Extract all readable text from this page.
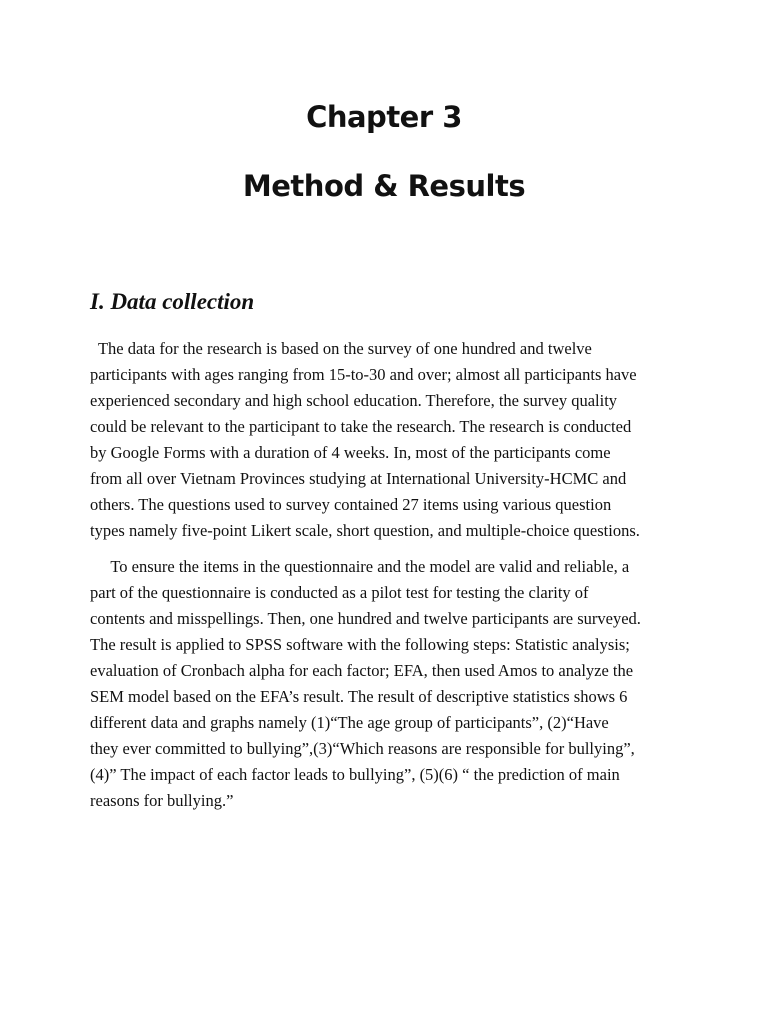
Chapter 3
Method & Results
I. Data collection

The data for the research is based on the survey of one hundred and twelve
participants with ages ranging from 15-to-30 and over; almost all participants have
experienced secondary and high school education. Therefore, the survey quality
could be relevant to the participant to take the research. The research is conducted
by Google Forms with a duration of 4 weeks. In, most of the participants come
from all over Vietnam Provinces studying at International University-HCMC and
others. The questions used to survey contained 27 items using various question
types namely five-point Likert scale, short question, and multiple-choice questions.

To ensure the items in the questionnaire and the model are valid and reliable, a
part of the questionnaire is conducted as a pilot test for testing the clarity of
contents and misspellings. Then, one hundred and twelve participants are surveyed.
The result is applied to SPSS software with the following steps: Statistic analysis;
evaluation of Cronbach alpha for each factor; EFA, then used Amos to analyze the
SEM model based on the EFA’s result. The result of descriptive statistics shows 6
different data and graphs namely (1)“The age group of participants”, (2)“Have
they ever committed to bullying”,(3)“Which reasons are responsible for bullying”,
(4)” The impact of each factor leads to bullying”, (5)(6) “ the prediction of main
reasons for bullying.”
